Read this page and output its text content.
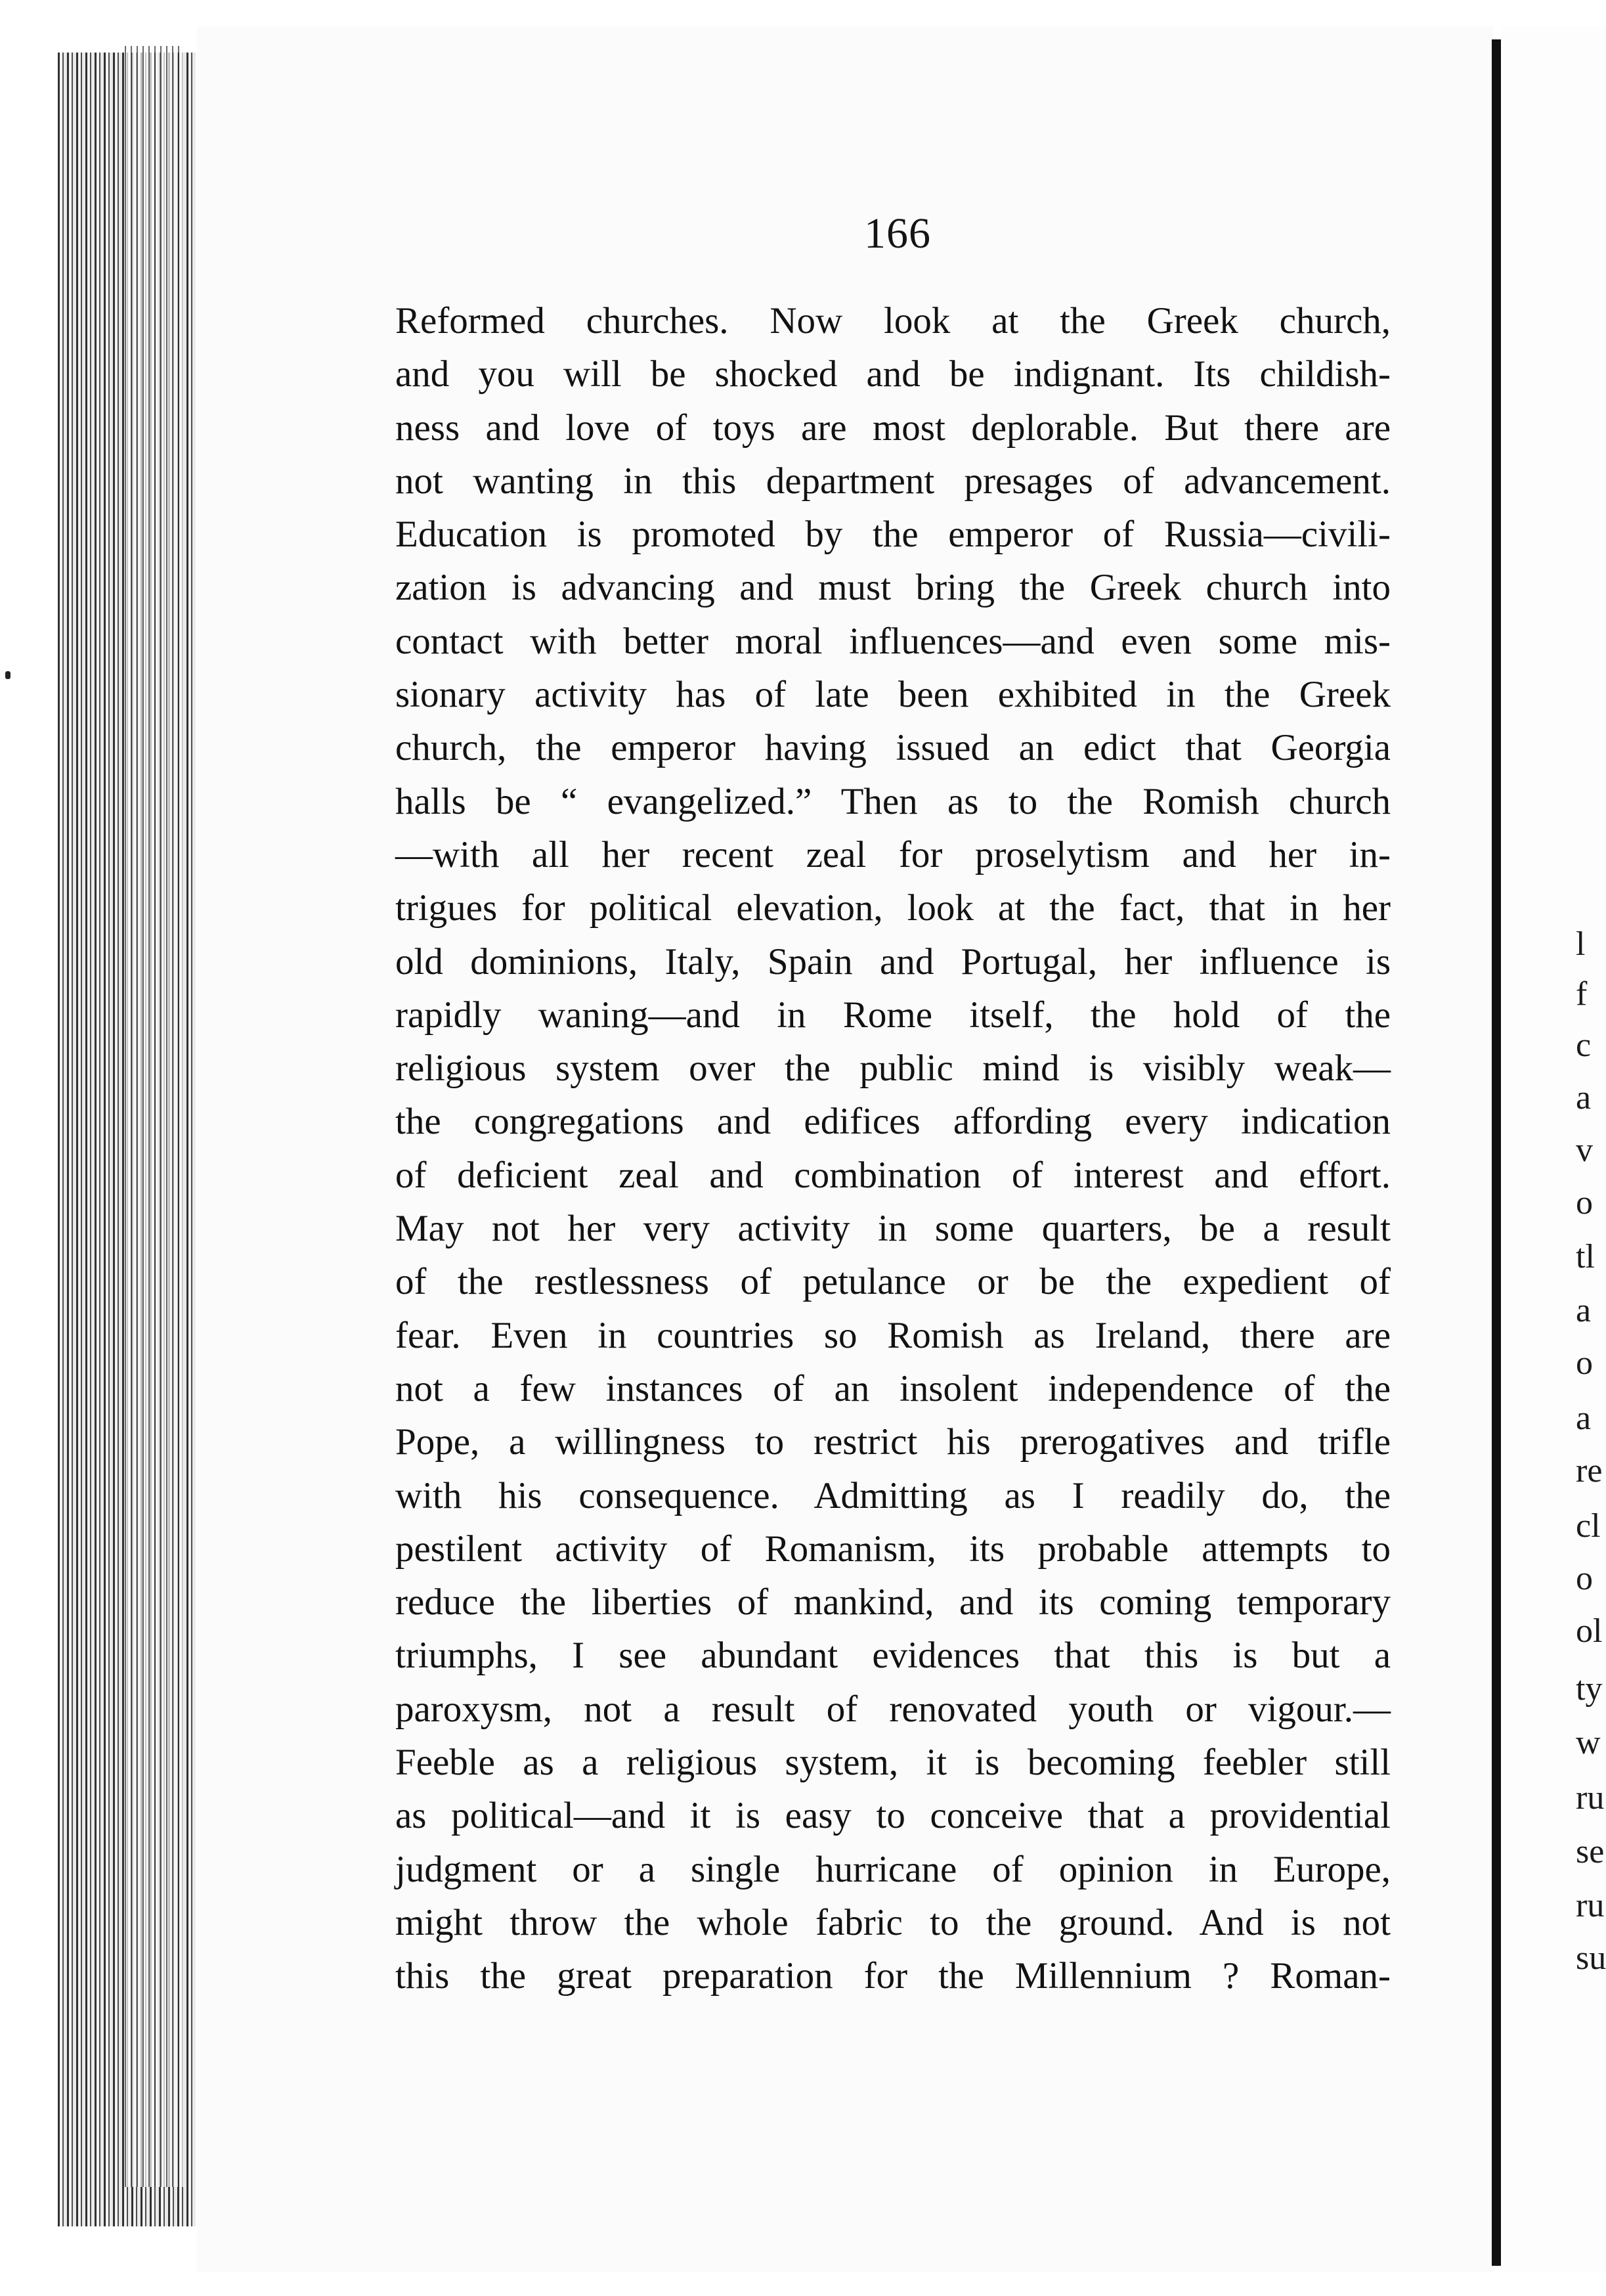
166
Reformed churches. Now look at the Greek church,
and you will be shocked and be indignant. Its childish-
ness and love of toys are most deplorable. But there are
not wanting in this department presages of advancement.
Education is promoted by the emperor of Russia—civili-
zation is advancing and must bring the Greek church into
contact with better moral influences—and even some mis-
sionary activity has of late been exhibited in the Greek
church, the emperor having issued an edict that Georgia
halls be “ evangelized.” Then as to the Romish church
—with all her recent zeal for proselytism and her in-
trigues for political elevation, look at the fact, that in her
old dominions, Italy, Spain and Portugal, her influence is
rapidly waning—and in Rome itself, the hold of the
religious system over the public mind is visibly weak—
the congregations and edifices affording every indication
of deficient zeal and combination of interest and effort.
May not her very activity in some quarters, be a result
of the restlessness of petulance or be the expedient of
fear. Even in countries so Romish as Ireland, there are
not a few instances of an insolent independence of the
Pope, a willingness to restrict his prerogatives and trifle
with his consequence. Admitting as I readily do, the
pestilent activity of Romanism, its probable attempts to
reduce the liberties of mankind, and its coming temporary
triumphs, I see abundant evidences that this is but a
paroxysm, not a result of renovated youth or vigour.—
Feeble as a religious system, it is becoming feebler still
as political—and it is easy to conceive that a providential
judgment or a single hurricane of opinion in Europe,
might throw the whole fabric to the ground. And is not
this the great preparation for the Millennium ? Roman-
l
f
c
a
v
o
tl
a
o
a
re
cl
o
ol
ty
w
ru
se
ru
su
